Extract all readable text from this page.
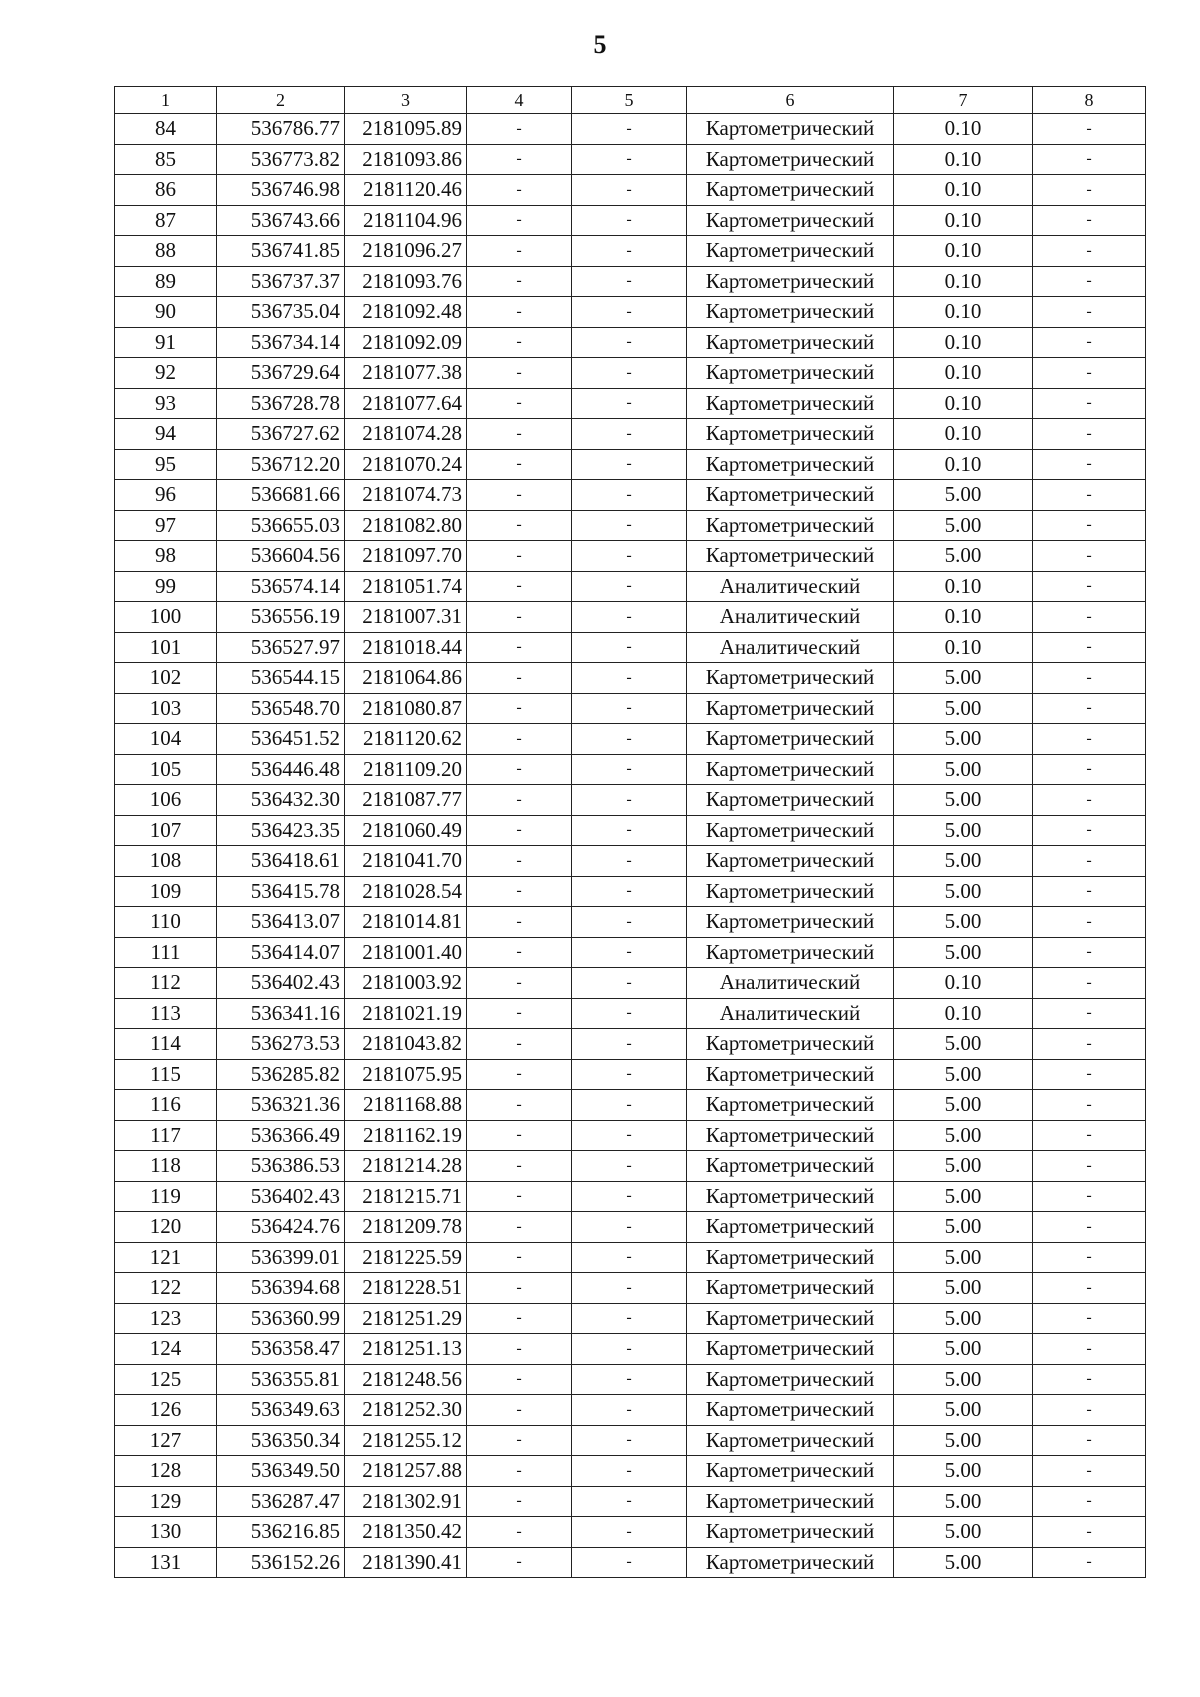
5
1	2	3	4	5	6	7	8
84	536786.77	2181095.89	-	-	Картометрический	0.10	-
85	536773.82	2181093.86	-	-	Картометрический	0.10	-
86	536746.98	2181120.46	-	-	Картометрический	0.10	-
87	536743.66	2181104.96	-	-	Картометрический	0.10	-
88	536741.85	2181096.27	-	-	Картометрический	0.10	-
89	536737.37	2181093.76	-	-	Картометрический	0.10	-
90	536735.04	2181092.48	-	-	Картометрический	0.10	-
91	536734.14	2181092.09	-	-	Картометрический	0.10	-
92	536729.64	2181077.38	-	-	Картометрический	0.10	-
93	536728.78	2181077.64	-	-	Картометрический	0.10	-
94	536727.62	2181074.28	-	-	Картометрический	0.10	-
95	536712.20	2181070.24	-	-	Картометрический	0.10	-
96	536681.66	2181074.73	-	-	Картометрический	5.00	-
97	536655.03	2181082.80	-	-	Картометрический	5.00	-
98	536604.56	2181097.70	-	-	Картометрический	5.00	-
99	536574.14	2181051.74	-	-	Аналитический	0.10	-
100	536556.19	2181007.31	-	-	Аналитический	0.10	-
101	536527.97	2181018.44	-	-	Аналитический	0.10	-
102	536544.15	2181064.86	-	-	Картометрический	5.00	-
103	536548.70	2181080.87	-	-	Картометрический	5.00	-
104	536451.52	2181120.62	-	-	Картометрический	5.00	-
105	536446.48	2181109.20	-	-	Картометрический	5.00	-
106	536432.30	2181087.77	-	-	Картометрический	5.00	-
107	536423.35	2181060.49	-	-	Картометрический	5.00	-
108	536418.61	2181041.70	-	-	Картометрический	5.00	-
109	536415.78	2181028.54	-	-	Картометрический	5.00	-
110	536413.07	2181014.81	-	-	Картометрический	5.00	-
111	536414.07	2181001.40	-	-	Картометрический	5.00	-
112	536402.43	2181003.92	-	-	Аналитический	0.10	-
113	536341.16	2181021.19	-	-	Аналитический	0.10	-
114	536273.53	2181043.82	-	-	Картометрический	5.00	-
115	536285.82	2181075.95	-	-	Картометрический	5.00	-
116	536321.36	2181168.88	-	-	Картометрический	5.00	-
117	536366.49	2181162.19	-	-	Картометрический	5.00	-
118	536386.53	2181214.28	-	-	Картометрический	5.00	-
119	536402.43	2181215.71	-	-	Картометрический	5.00	-
120	536424.76	2181209.78	-	-	Картометрический	5.00	-
121	536399.01	2181225.59	-	-	Картометрический	5.00	-
122	536394.68	2181228.51	-	-	Картометрический	5.00	-
123	536360.99	2181251.29	-	-	Картометрический	5.00	-
124	536358.47	2181251.13	-	-	Картометрический	5.00	-
125	536355.81	2181248.56	-	-	Картометрический	5.00	-
126	536349.63	2181252.30	-	-	Картометрический	5.00	-
127	536350.34	2181255.12	-	-	Картометрический	5.00	-
128	536349.50	2181257.88	-	-	Картометрический	5.00	-
129	536287.47	2181302.91	-	-	Картометрический	5.00	-
130	536216.85	2181350.42	-	-	Картометрический	5.00	-
131	536152.26	2181390.41	-	-	Картометрический	5.00	-
